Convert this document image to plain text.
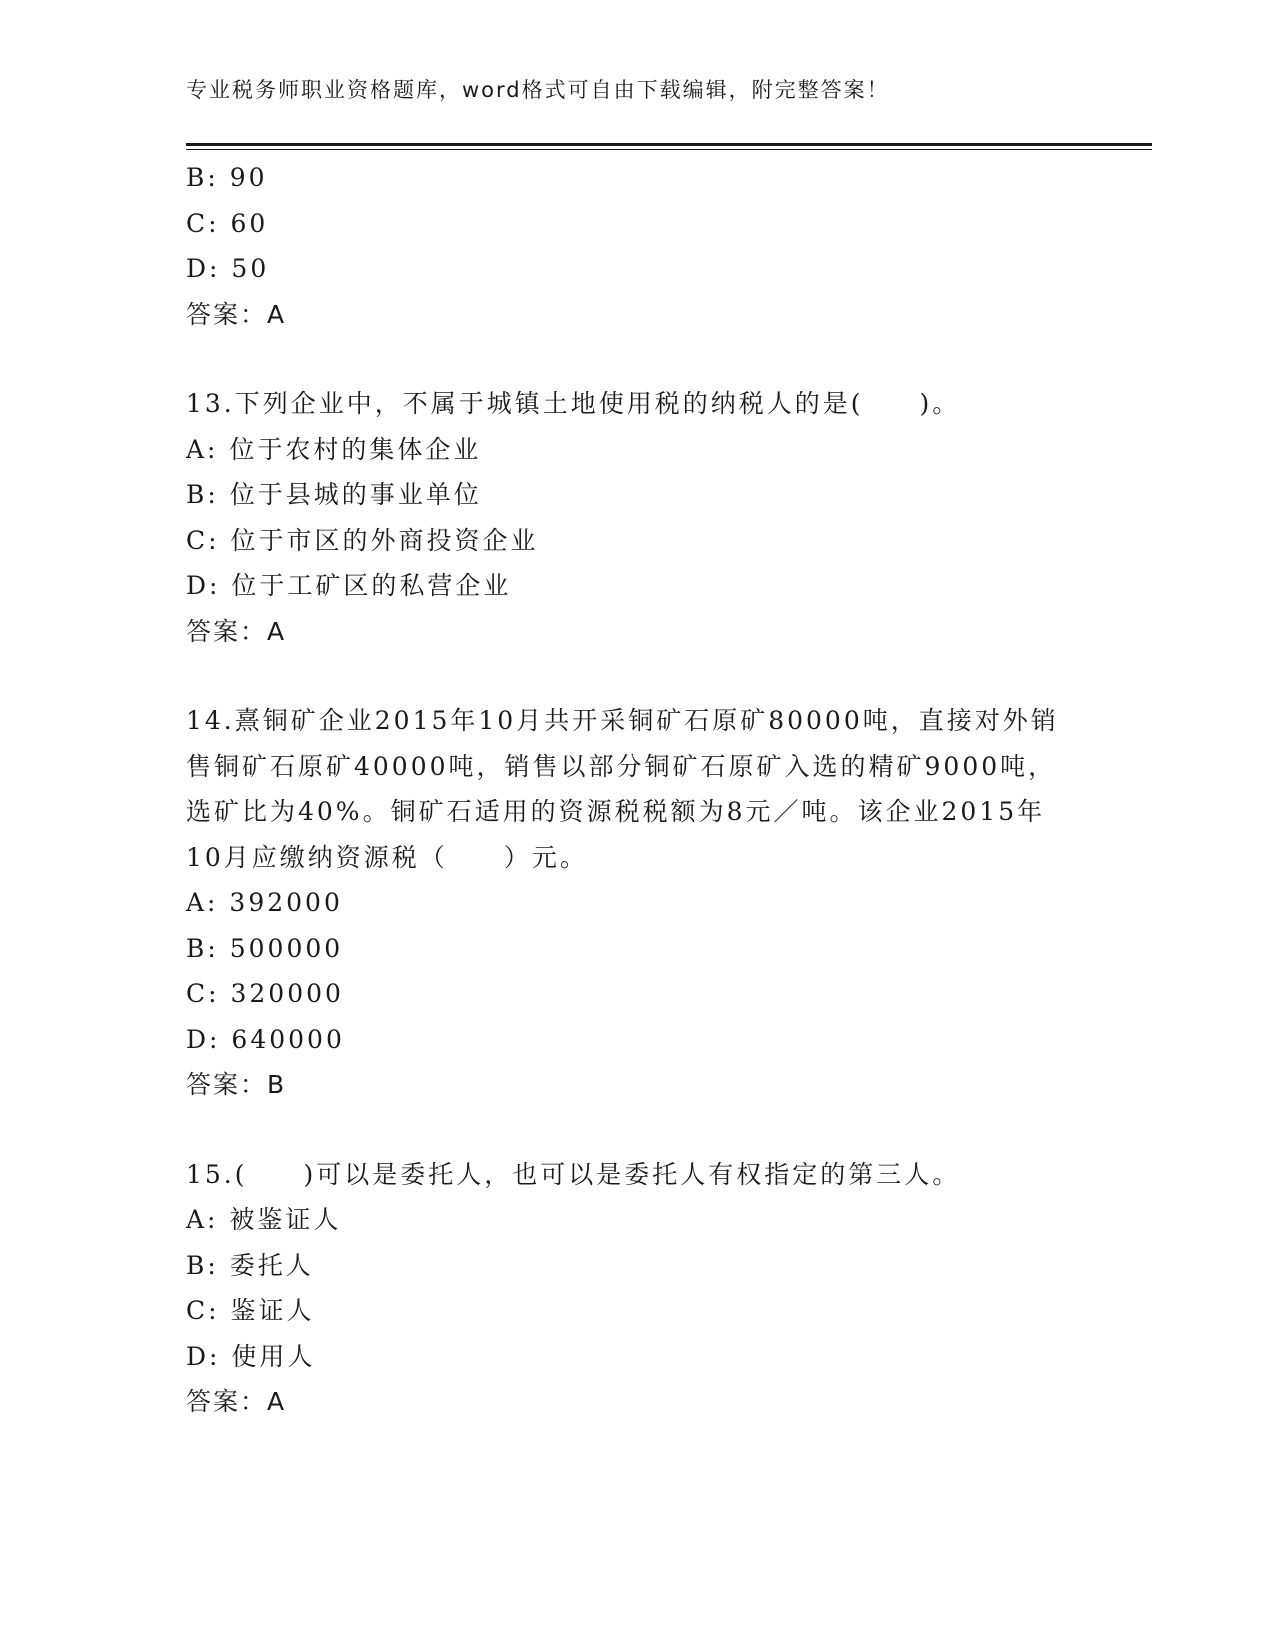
专业税务师职业资格题库，word格式可自由下载编辑，附完整答案！
B: 90
C: 60
D: 50
答案：A
13.下列企业中，不属于城镇土地使用税的纳税人的是(　　)。
A: 位于农村的集体企业
B: 位于县城的事业单位
C: 位于市区的外商投资企业
D: 位于工矿区的私营企业
答案：A
14.熹铜矿企业2015年10月共开采铜矿石原矿80000吨，直接对外销
售铜矿石原矿40000吨，销售以部分铜矿石原矿入选的精矿9000吨，
选矿比为40%。铜矿石适用的资源税税额为8元／吨。该企业2015年
10月应缴纳资源税（　　）元。
A: 392000
B: 500000
C: 320000
D: 640000
答案：B
15.(　　)可以是委托人，也可以是委托人有权指定的第三人。
A: 被鉴证人
B: 委托人
C: 鉴证人
D: 使用人
答案：A
